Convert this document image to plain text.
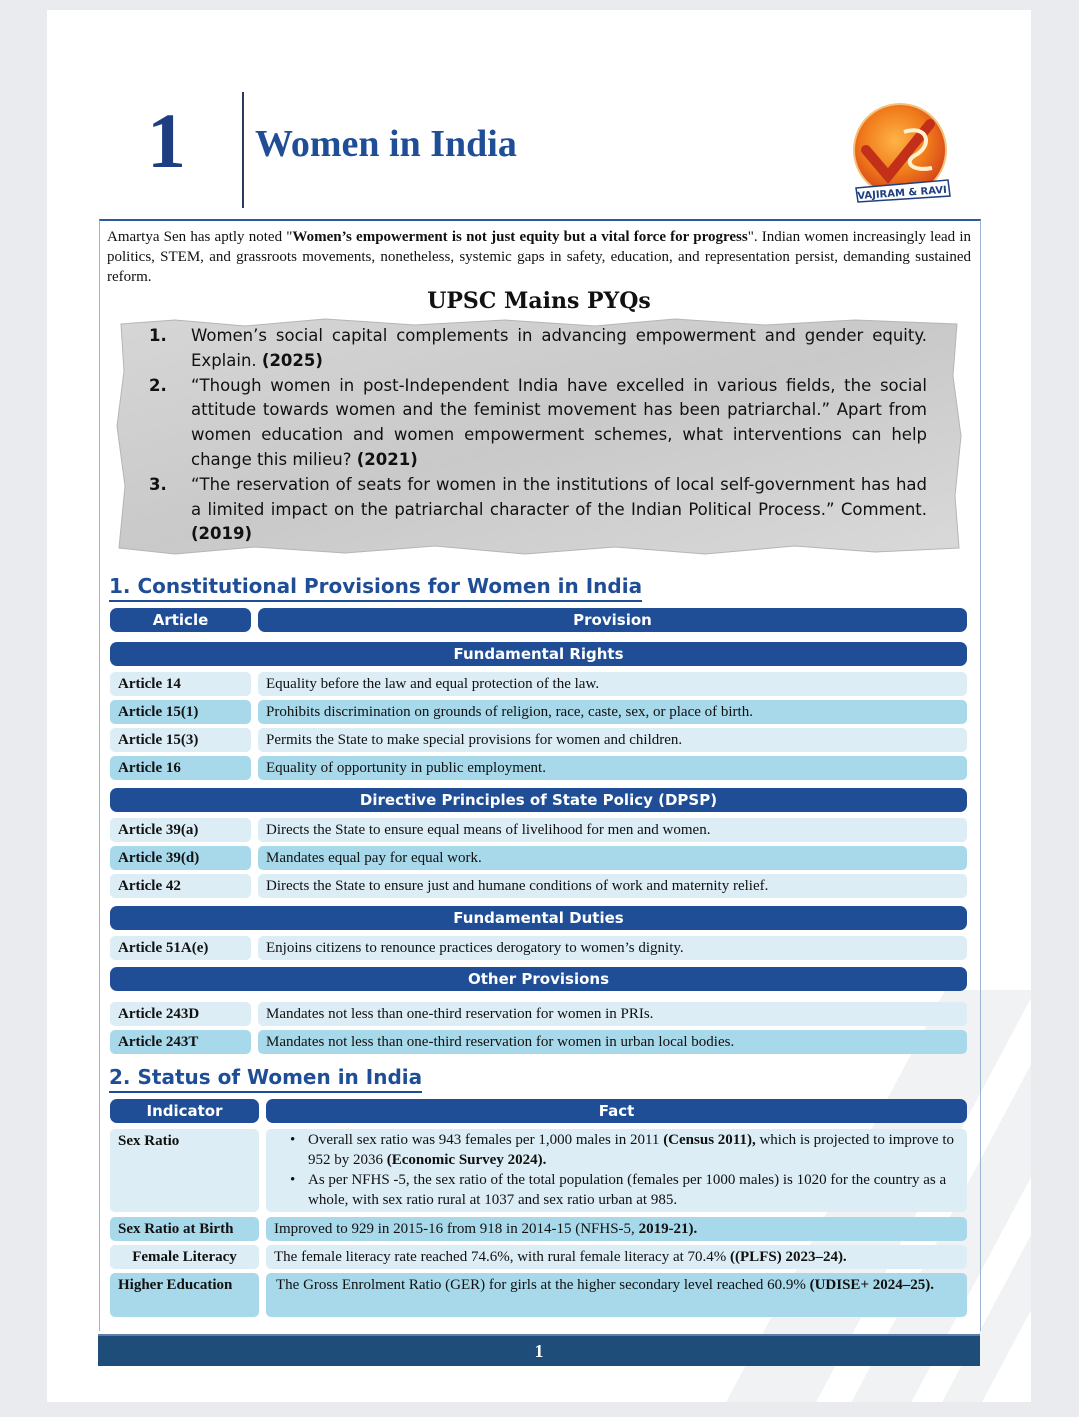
1 Women in India
VAJIRAM & RAVI
Amartya Sen has aptly noted "Women’s empowerment is not just equity but a vital force for progress". Indian women increasingly lead in politics, STEM, and grassroots movements, nonetheless, systemic gaps in safety, education, and representation persist, demanding sustained reform.
UPSC Mains PYQs
1. Women’s social capital complements in advancing empowerment and gender equity. Explain. (2025)
2. “Though women in post-Independent India have excelled in various fields, the social attitude towards women and the feminist movement has been patriarchal.” Apart from women education and women empowerment schemes, what interventions can help change this milieu? (2021)
3. “The reservation of seats for women in the institutions of local self-government has had a limited impact on the patriarchal character of the Indian Political Process.” Comment. (2019)
1. Constitutional Provisions for Women in India
Article	Provision
Fundamental Rights
Article 14	Equality before the law and equal protection of the law.
Article 15(1)	Prohibits discrimination on grounds of religion, race, caste, sex, or place of birth.
Article 15(3)	Permits the State to make special provisions for women and children.
Article 16	Equality of opportunity in public employment.
Directive Principles of State Policy (DPSP)
Article 39(a)	Directs the State to ensure equal means of livelihood for men and women.
Article 39(d)	Mandates equal pay for equal work.
Article 42	Directs the State to ensure just and humane conditions of work and maternity relief.
Fundamental Duties
Article 51A(e)	Enjoins citizens to renounce practices derogatory to women’s dignity.
Other Provisions
Article 243D	Mandates not less than one-third reservation for women in PRIs.
Article 243T	Mandates not less than one-third reservation for women in urban local bodies.
2. Status of Women in India
Indicator	Fact
Sex Ratio
•	Overall sex ratio was 943 females per 1,000 males in 2011 (Census 2011), which is projected to improve to 952 by 2036 (Economic Survey 2024).
• As per NFHS -5, the sex ratio of the total population (females per 1000 males) is 1020 for the country as a whole, with sex ratio rural at 1037 and sex ratio urban at 985.
Sex Ratio at Birth	Improved to 929 in 2015-16 from 918 in 2014-15 (NFHS-5, 2019-21).
Female Literacy	The female literacy rate reached 74.6%, with rural female literacy at 70.4% ((PLFS) 2023–24).
Higher Education	The Gross Enrolment Ratio (GER) for girls at the higher secondary level reached 60.9% (UDISE+ 2024–25).
1
